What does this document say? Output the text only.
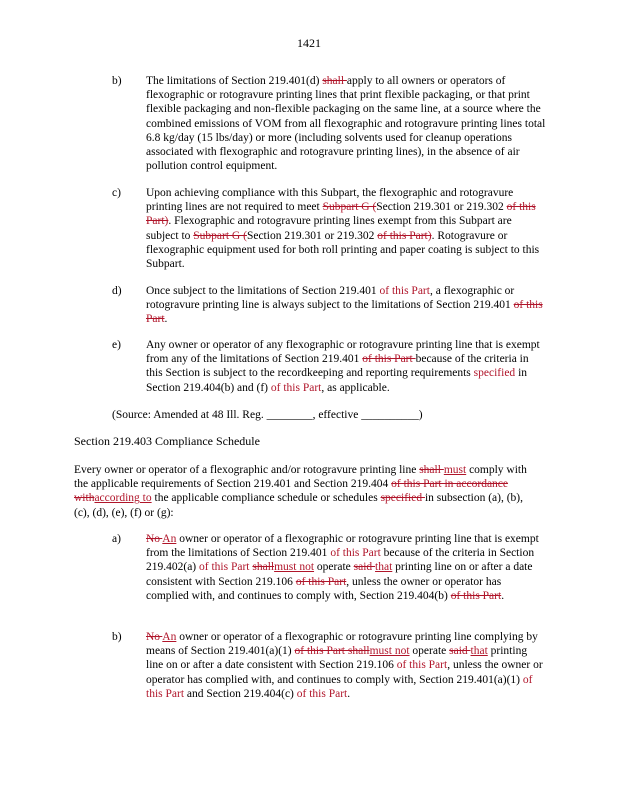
1421
b) The limitations of Section 219.401(d) shall apply to all owners or operators of flexographic or rotogravure printing lines that print flexible packaging, or that print flexible packaging and non-flexible packaging on the same line, at a source where the combined emissions of VOM from all flexographic and rotogravure printing lines total 6.8 kg/day (15 lbs/day) or more (including solvents used for cleanup operations associated with flexographic and rotogravure printing lines), in the absence of air pollution control equipment.
c) Upon achieving compliance with this Subpart, the flexographic and rotogravure printing lines are not required to meet Subpart G (Section 219.301 or 219.302 of this Part). Flexographic and rotogravure printing lines exempt from this Subpart are subject to Subpart G (Section 219.301 or 219.302 of this Part). Rotogravure or flexographic equipment used for both roll printing and paper coating is subject to this Subpart.
d) Once subject to the limitations of Section 219.401 of this Part, a flexographic or rotogravure printing line is always subject to the limitations of Section 219.401 of this Part.
e) Any owner or operator of any flexographic or rotogravure printing line that is exempt from any of the limitations of Section 219.401 of this Part because of the criteria in this Section is subject to the recordkeeping and reporting requirements specified in Section 219.404(b) and (f) of this Part, as applicable.
(Source: Amended at 48 Ill. Reg. ________, effective __________)
Section 219.403 Compliance Schedule
Every owner or operator of a flexographic and/or rotogravure printing line shall must comply with the applicable requirements of Section 219.401 and Section 219.404 of this Part in accordance withaccording to the applicable compliance schedule or schedules specified in subsection (a), (b), (c), (d), (e), (f) or (g):
a) No An owner or operator of a flexographic or rotogravure printing line that is exempt from the limitations of Section 219.401 of this Part because of the criteria in Section 219.402(a) of this Part shallmust not operate said that printing line on or after a date consistent with Section 219.106 of this Part, unless the owner or operator has complied with, and continues to comply with, Section 219.404(b) of this Part.
b) No An owner or operator of a flexographic or rotogravure printing line complying by means of Section 219.401(a)(1) of this Part shallmust not operate said that printing line on or after a date consistent with Section 219.106 of this Part, unless the owner or operator has complied with, and continues to comply with, Section 219.401(a)(1) of this Part and Section 219.404(c) of this Part.
